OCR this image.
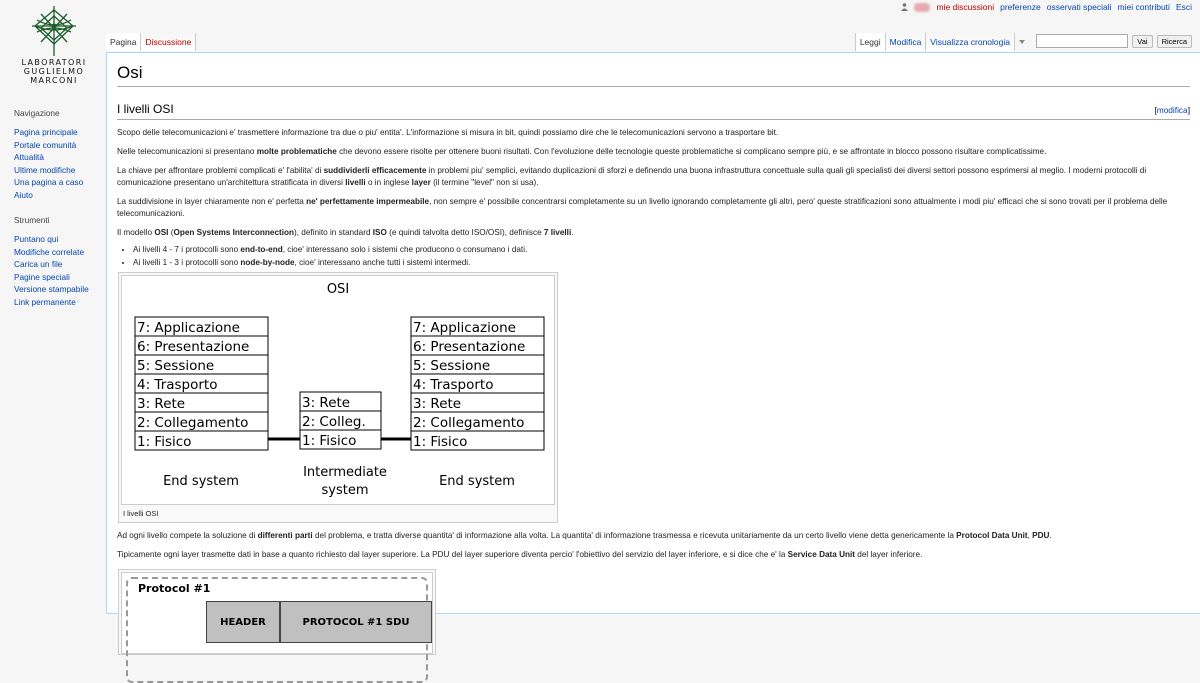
LABORATORI
GUGLIELMO
MARCONI
mie discussioni preferenze osservati speciali miei contributi Esci
Pagina	Discussione	Leggi	Modifica	Visualizza cronologia	Vai	Ricerca
Navigazione
Pagina principale
Portale comunità
Attualità
Ultime modifiche
Una pagina a caso
Aiuto
Strumenti
Puntano qui
Modifiche correlate
Carica un file
Pagine speciali
Versione stampabile
Link permanente
Osi
I livelli OSI	[modifica]

Scopo delle telecomunicazioni e' trasmettere informazione tra due o piu' entita'. L'informazione si misura in bit, quindi possiamo dire che le telecomunicazioni servono a trasportare bit.

Nelle telecomunicazioni si presentano molte problematiche che devono essere risolte per ottenere buoni risultati. Con l'evoluzione delle tecnologie queste problematiche si complicano sempre più, e se affrontate in blocco possono risultare complicatissime.

La chiave per affrontare problemi complicati e' l'abilita' di suddividerli efficacemente in problemi piu' semplici, evitando duplicazioni di sforzi e definendo una buona infrastruttura concettuale sulla quali gli specialisti dei diversi settori possono esprimersi al meglio. I moderni protocolli di comunicazione presentano un'architettura stratificata in diversi livelli o in inglese layer (il termine "level" non si usa).

La suddivisione in layer chiaramente non e' perfetta ne' perfettamente impermeabile, non sempre e' possibile concentrarsi completamente su un livello ignorando completamente gli altri, pero' queste stratificazioni sono attualmente i modi piu' efficaci che si sono trovati per il problema delle telecomunicazioni.

Il modello OSI (Open Systems Interconnection), definito in standard ISO (e quindi talvolta detto ISO/OSI), definisce 7 livelli.

• Ai livelli 4 - 7 i protocolli sono end-to-end, cioe' interessano solo i sistemi che producono o consumano i dati.
• Ai livelli 1 - 3 i protocolli sono node-by-node, cioe' interessano anche tutti i sistemi intermedi.
OSI
7: Applicazione
6: Presentazione
5: Sessione
4: Trasporto
3: Rete
2: Collegamento
1: Fisico
3: Rete
2: Colleg.
1: Fisico
7: Applicazione
6: Presentazione
5: Sessione
4: Trasporto
3: Rete
2: Collegamento
1: Fisico
End system
Intermediate
system
End system
I livelli OSI

Ad ogni livello compete la soluzione di differenti parti del problema, e tratta diverse quantita' di informazione alla volta. La quantita' di informazione trasmessa e ricevuta unitariamente da un certo livello viene detta genericamente la Protocol Data Unit, PDU.

Tipicamente ogni layer trasmette dati in base a quanto richiesto dal layer superiore. La PDU del layer superiore diventa percio' l'obiettivo del servizio del layer inferiore, e si dice che e' la Service Data Unit del layer inferiore.

Protocol #1
HEADER	PROTOCOL #1 SDU
